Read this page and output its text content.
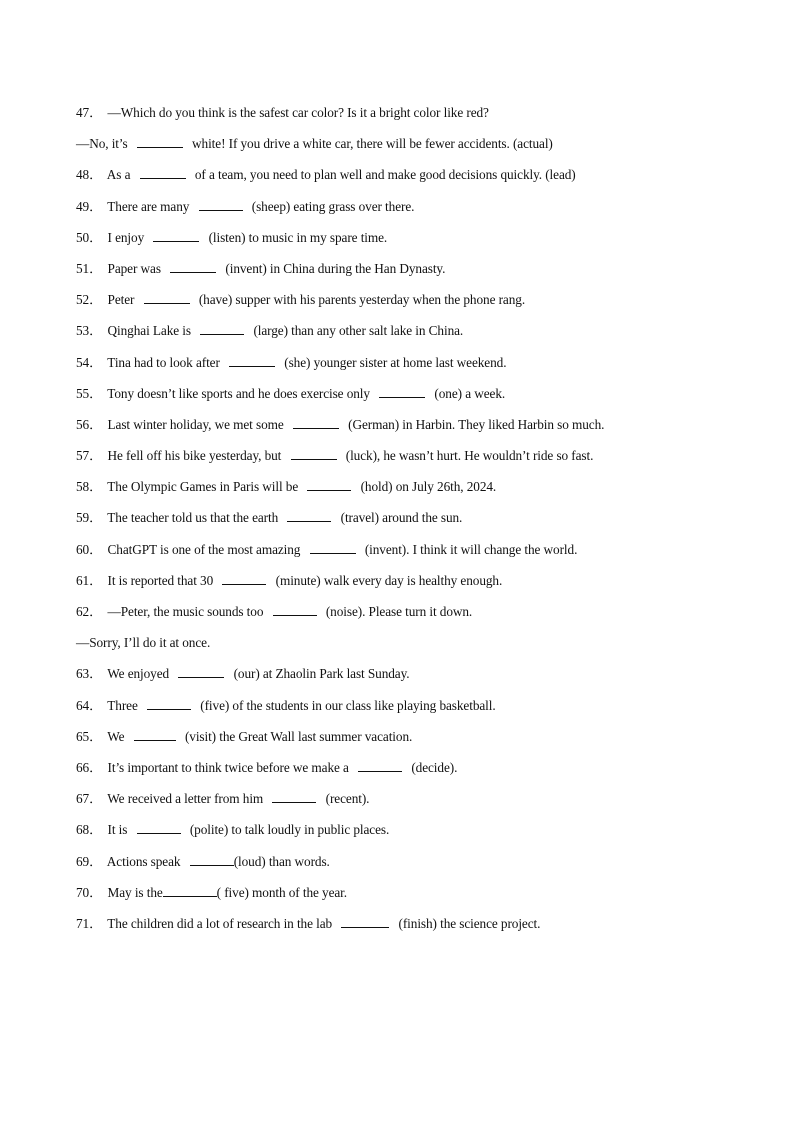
47． —Which do you think is the safest car color? Is it a bright color like red?
—No, it’s	white! If you drive a white car, there will be fewer accidents. (actual)
48． As a	of a team, you need to plan well and make good decisions quickly. (lead)
49． There are many	(sheep) eating grass over there.
50． I enjoy	(listen) to music in my spare time.
51． Paper was	(invent) in China during the Han Dynasty.
52． Peter	(have) supper with his parents yesterday when the phone rang.
53． Qinghai Lake is	(large) than any other salt lake in China.
54． Tina had to look after	(she) younger sister at home last weekend.
55． Tony doesn’t like sports and he does exercise only	(one) a week.
56． Last winter holiday, we met some	(German) in Harbin. They liked Harbin so much.
57． He fell off his bike yesterday, but	(luck), he wasn’t hurt. He wouldn’t ride so fast.
58． The Olympic Games in Paris will be	(hold) on July 26th, 2024.
59． The teacher told us that the earth	(travel) around the sun.
60． ChatGPT is one of the most amazing	(invent). I think it will change the world.
61． It is reported that 30	(minute) walk every day is healthy enough.
62． —Peter, the music sounds too	(noise). Please turn it down.
—Sorry, I’ll do it at once.
63． We enjoyed	(our) at Zhaolin Park last Sunday.
64． Three	(five) of the students in our class like playing basketball.
65． We	(visit) the Great Wall last summer vacation.
66． It’s important to think twice before we make a	(decide).
67． We received a letter from him	(recent).
68． It is	(polite) to talk loudly in public places.
69． Actions speak	(loud) than words.
70． May is the	( five) month of the year.
71． The children did a lot of research in the lab	(finish) the science project.
